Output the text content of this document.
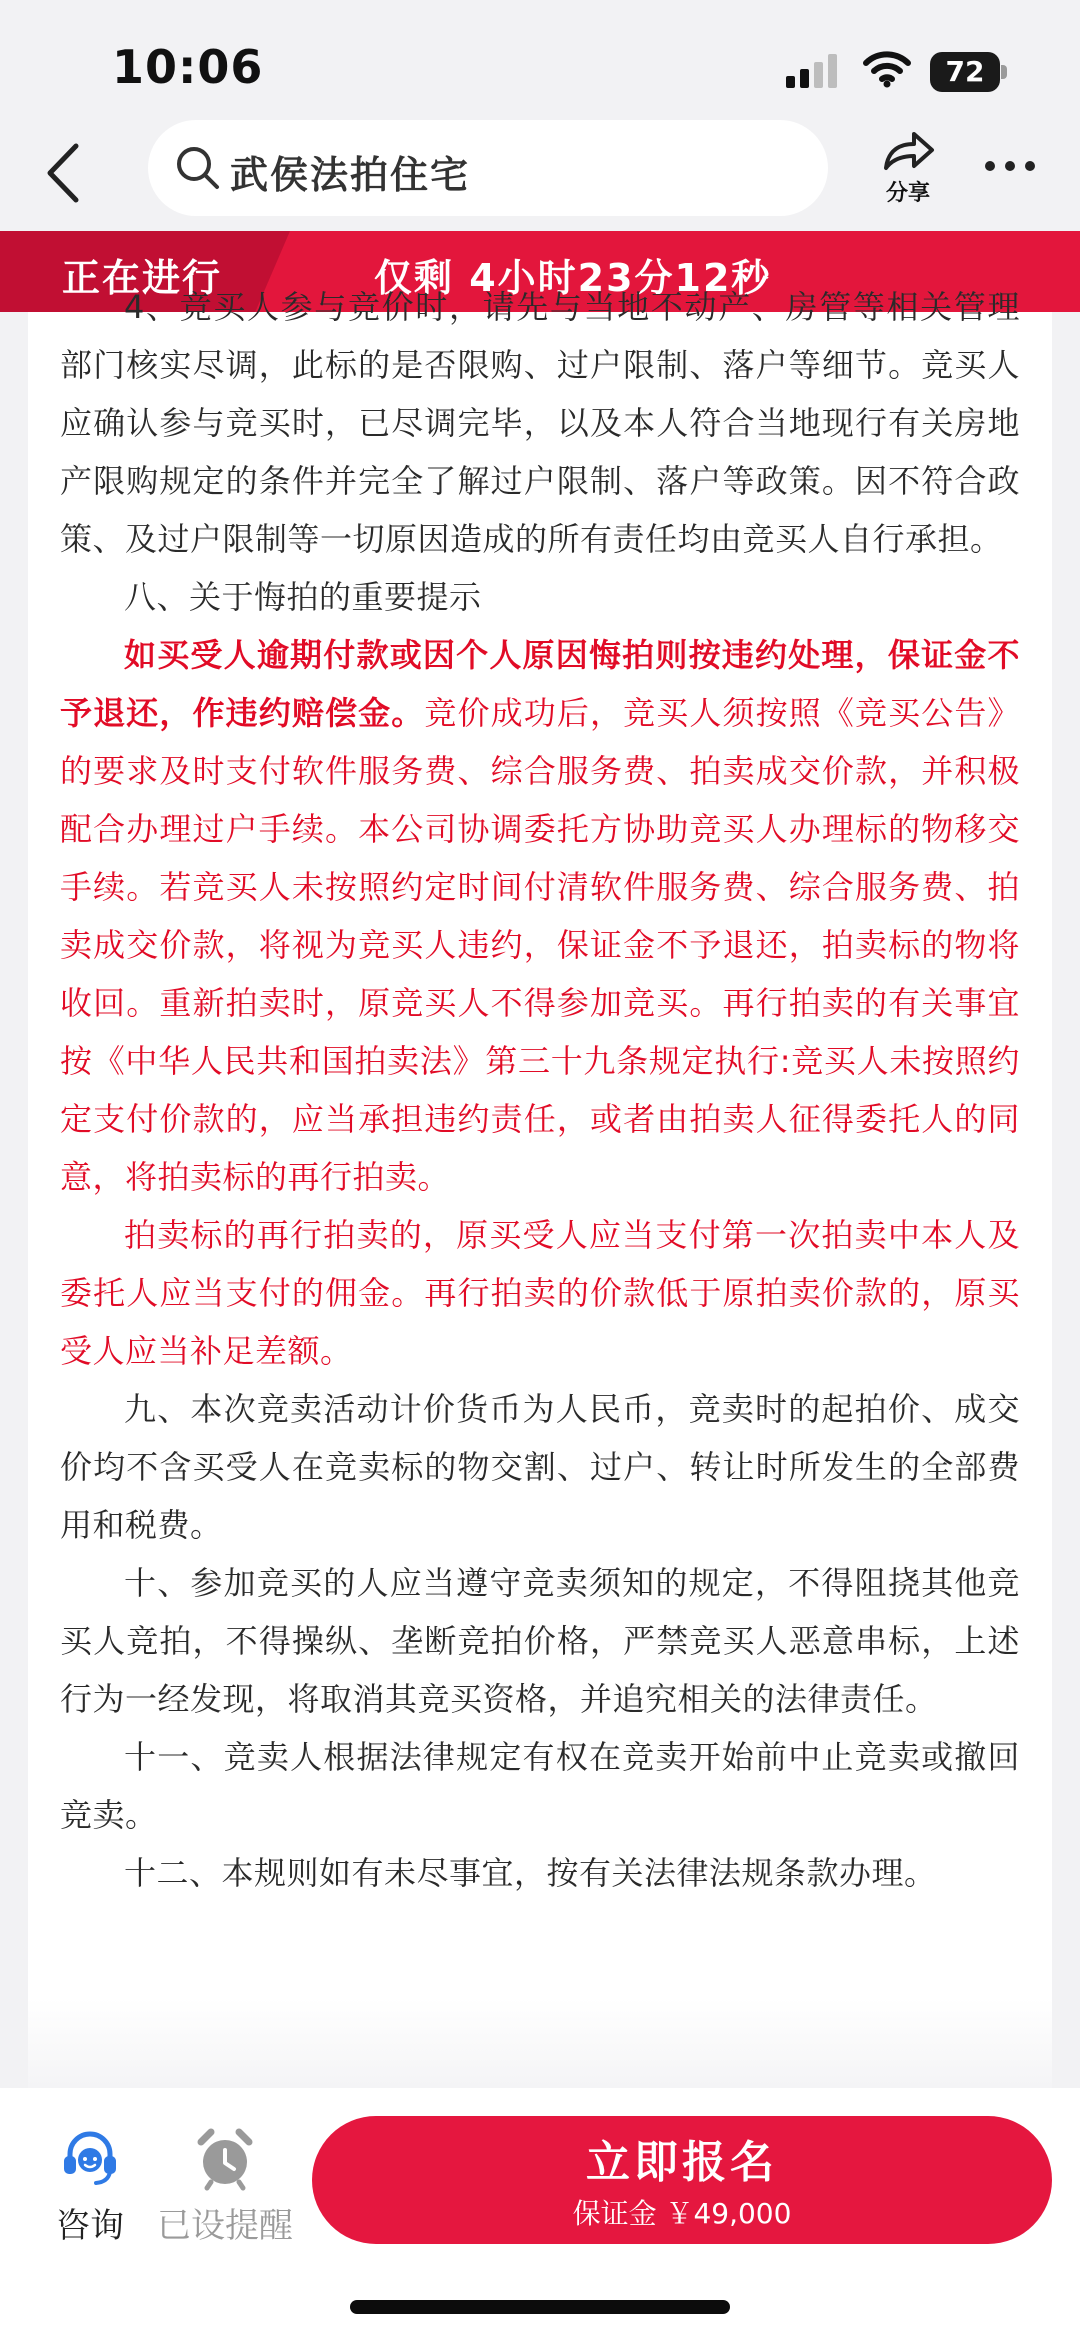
10:06	72
武侯法拍住宅	分享
正在进行	仅剩 4小时23分12秒

4、竞买人参与竞价时，请先与当地不动产、房管等相关管理部门核实尽调，此标的是否限购、过户限制、落户等细节。竞买人应确认参与竞买时，已尽调完毕，以及本人符合当地现行有关房地产限购规定的条件并完全了解过户限制、落户等政策。因不符合政策、及过户限制等一切原因造成的所有责任均由竞买人自行承担。

八、关于悔拍的重要提示

如买受人逾期付款或因个人原因悔拍则按违约处理，保证金不予退还，作违约赔偿金。竞价成功后，竞买人须按照《竞买公告》的要求及时支付软件服务费、综合服务费、拍卖成交价款，并积极配合办理过户手续。本公司协调委托方协助竞买人办理标的物移交手续。若竞买人未按照约定时间付清软件服务费、综合服务费、拍卖成交价款，将视为竞买人违约，保证金不予退还，拍卖标的物将收回。重新拍卖时，原竞买人不得参加竞买。再行拍卖的有关事宜按《中华人民共和国拍卖法》第三十九条规定执行:竞买人未按照约定支付价款的，应当承担违约责任，或者由拍卖人征得委托人的同意，将拍卖标的再行拍卖。

拍卖标的再行拍卖的，原买受人应当支付第一次拍卖中本人及委托人应当支付的佣金。再行拍卖的价款低于原拍卖价款的，原买受人应当补足差额。

九、本次竞卖活动计价货币为人民币，竞卖时的起拍价、成交价均不含买受人在竞卖标的物交割、过户、转让时所发生的全部费用和税费。

十、参加竞买的人应当遵守竞卖须知的规定，不得阻挠其他竞买人竞拍，不得操纵、垄断竞拍价格，严禁竞买人恶意串标，上述行为一经发现，将取消其竞买资格，并追究相关的法律责任。

十一、竞卖人根据法律规定有权在竞卖开始前中止竞卖或撤回竞卖。

十二、本规则如有未尽事宜，按有关法律法规条款办理。

咨询 已设提醒
立即报名
保证金 ￥49,000
